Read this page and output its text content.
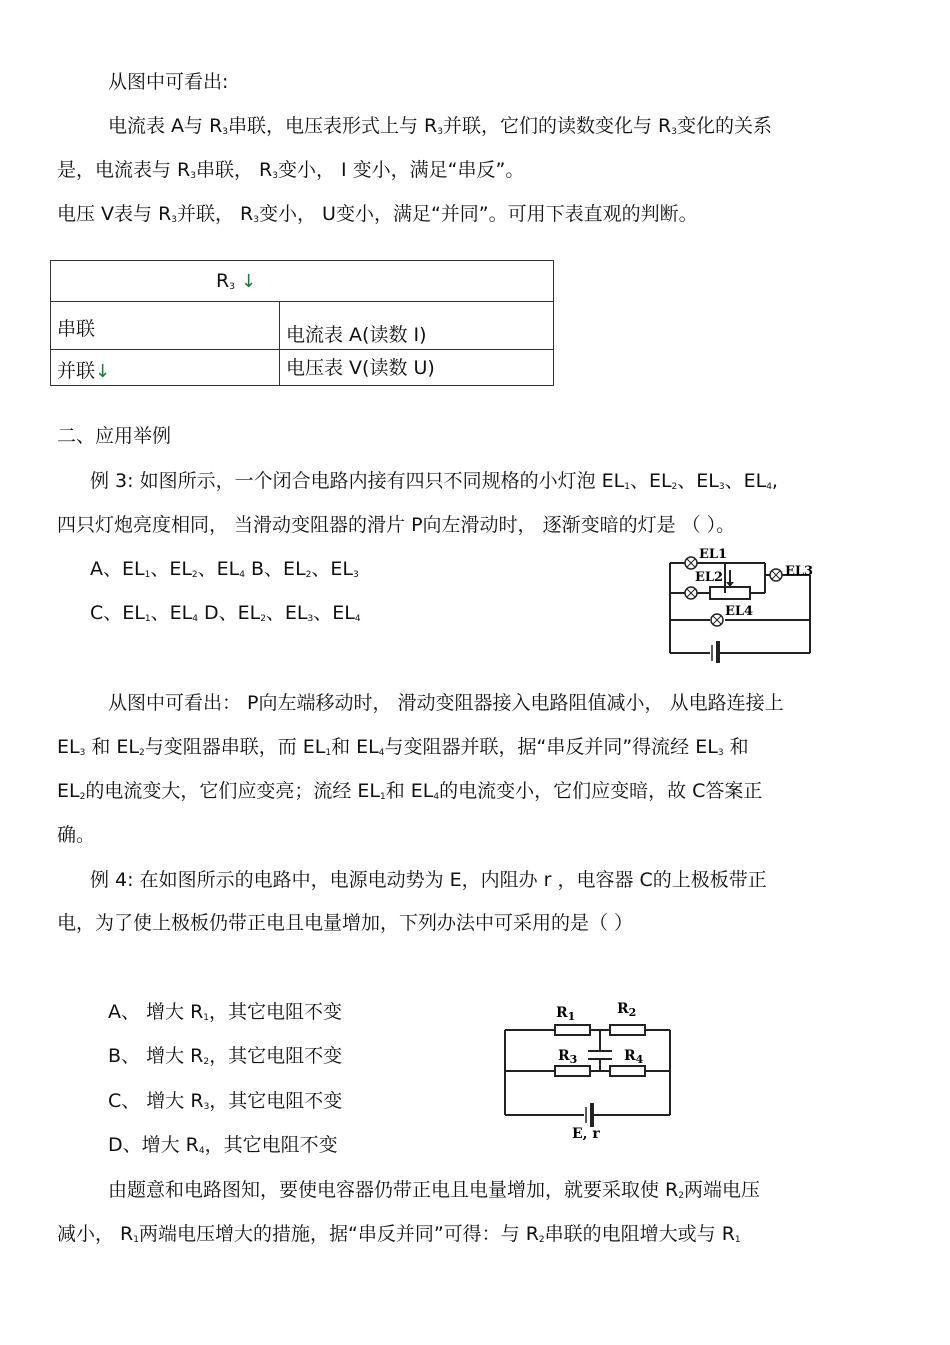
从图中可看出:
电流表 A与 $R_3$串联，电压表形式上与 $R_3$并联，它们的读数变化与 $R_3$变化的关系
是，电流表与 $R_3$串联， $R_3$变小， I 变小，满足“串反”。
电压 V表与 $R_3$并联， $R_3$变小， U变小，满足“并同”。可用下表直观的判断。
$R_3$ ↓	
串联	电流表 A(读数 I)
并联↓	电压表 V(读数 U)
二、应用举例
例 3: 如图所示，一个闭合电路内接有四只不同规格的小灯泡 $EL_1$、$EL_2$、$EL_3$、$EL_4$,
四只灯炮亮度相同， 当滑动变阻器的滑片 P向左滑动时， 逐渐变暗的灯是 （ ）。
A、$EL_1$、$EL_2$、$EL_4$ B、$EL_2$、$EL_3$
C、$EL_1$、$EL_4$ D、$EL_2$、$EL_3$、$EL_4$
EL1
EL2	EL3
EL4
从图中可看出： P向左端移动时， 滑动变阻器接入电路阻值减小， 从电路连接上
$EL_3$ 和 $EL_2$与变阻器串联，而 $EL_1$和 $EL_4$与变阻器并联，据“串反并同”得流经 $EL_3$ 和
$EL_2$的电流变大，它们应变亮；流经 $EL_1$和 $EL_4$的电流变小，它们应变暗，故 C答案正
确。
例 4: 在如图所示的电路中，电源电动势为 E，内阻办 r ，电容器 C的上极板带正
电，为了使上极板仍带正电且电量增加，下列办法中可采用的是（ ）
A、 增大 $R_1$，其它电阻不变
B、 增大 $R_2$，其它电阻不变
C、 增大 $R_3$，其它电阻不变
D、增大 $R_4$，其它电阻不变
$R_1$	$R_2$
$R_3$	$R_4$
E, r
由题意和电路图知，要使电容器仍带正电且电量增加，就要采取使 $R_2$两端电压
减小， $R_1$两端电压增大的措施，据“串反并同”可得：与 $R_2$串联的电阻增大或与 $R_1$
